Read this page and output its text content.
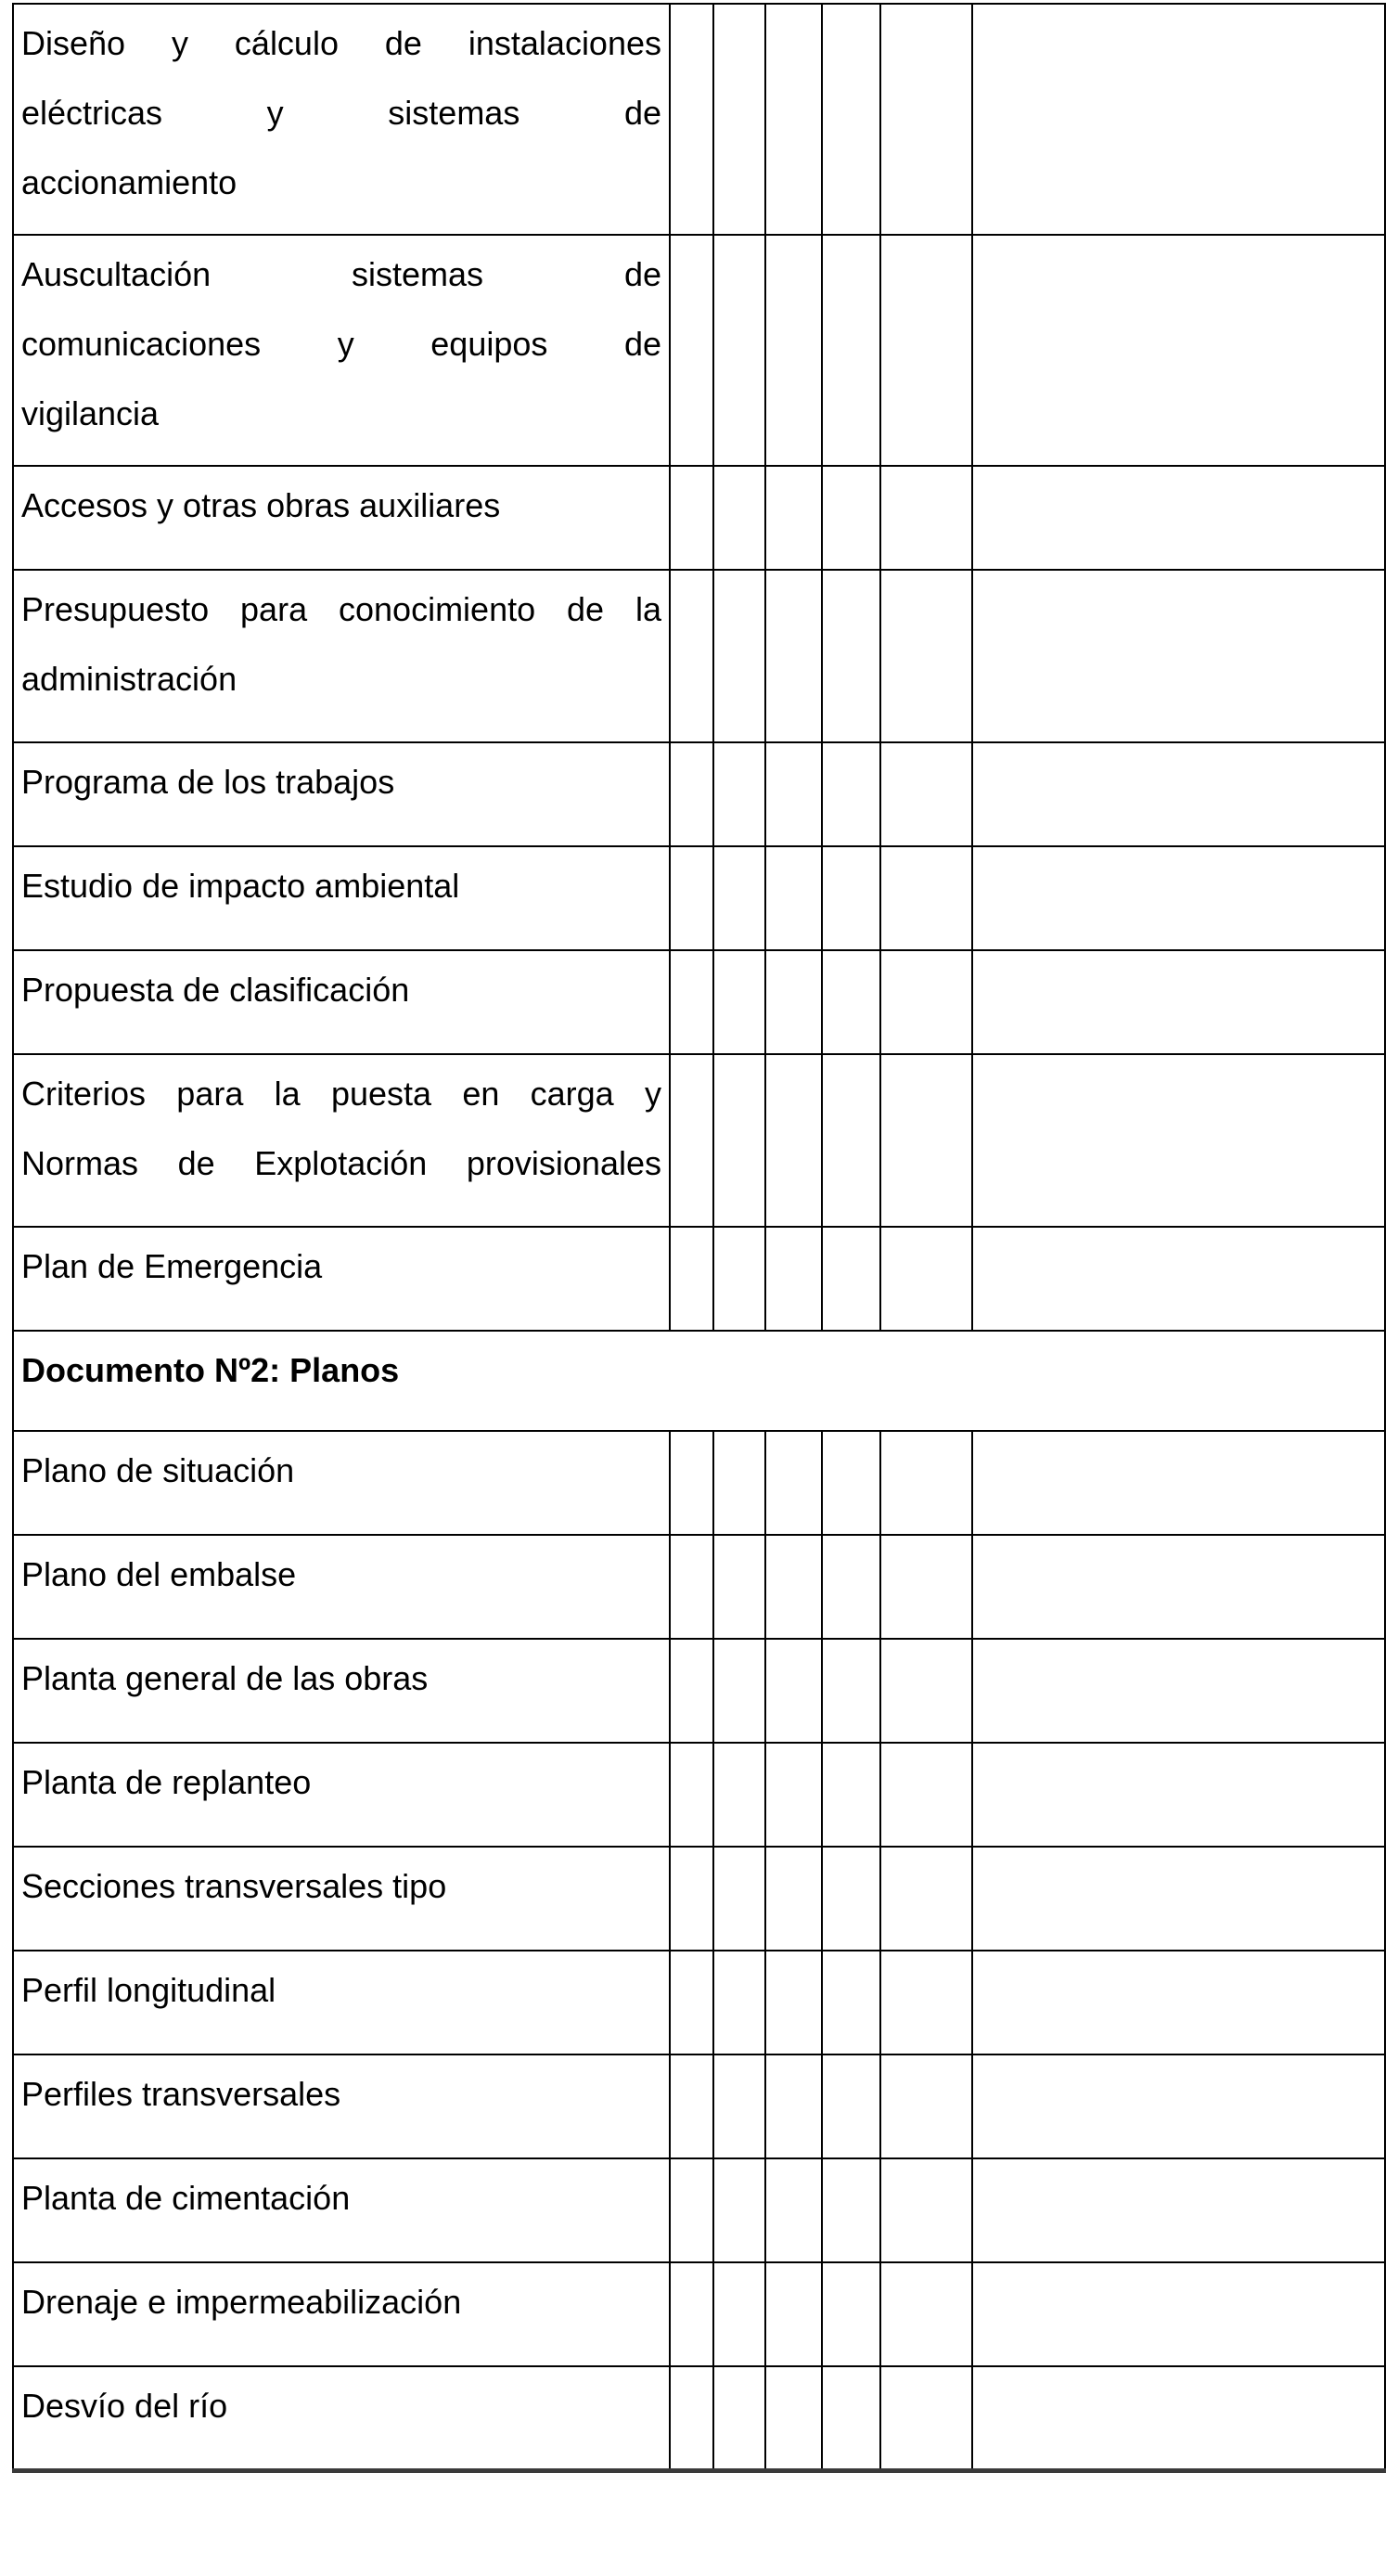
Diseño y cálculo de instalaciones
eléctricas y sistemas de
accionamiento						

Auscultación sistemas de
comunicaciones y equipos de
vigilancia						

Accesos y otras obras auxiliares						

Presupuesto para conocimiento de la
administración						

Programa de los trabajos						

Estudio de impacto ambiental						

Propuesta de clasificación						

Criterios para la puesta en carga y
Normas de Explotación provisionales						

Plan de Emergencia						

Documento Nº2: Planos						

Plano de situación						

Plano del embalse						

Planta general de las obras						

Planta de replanteo						

Secciones transversales tipo						

Perfil longitudinal						

Perfiles transversales						

Planta de cimentación						

Drenaje e impermeabilización						

Desvío del río						
